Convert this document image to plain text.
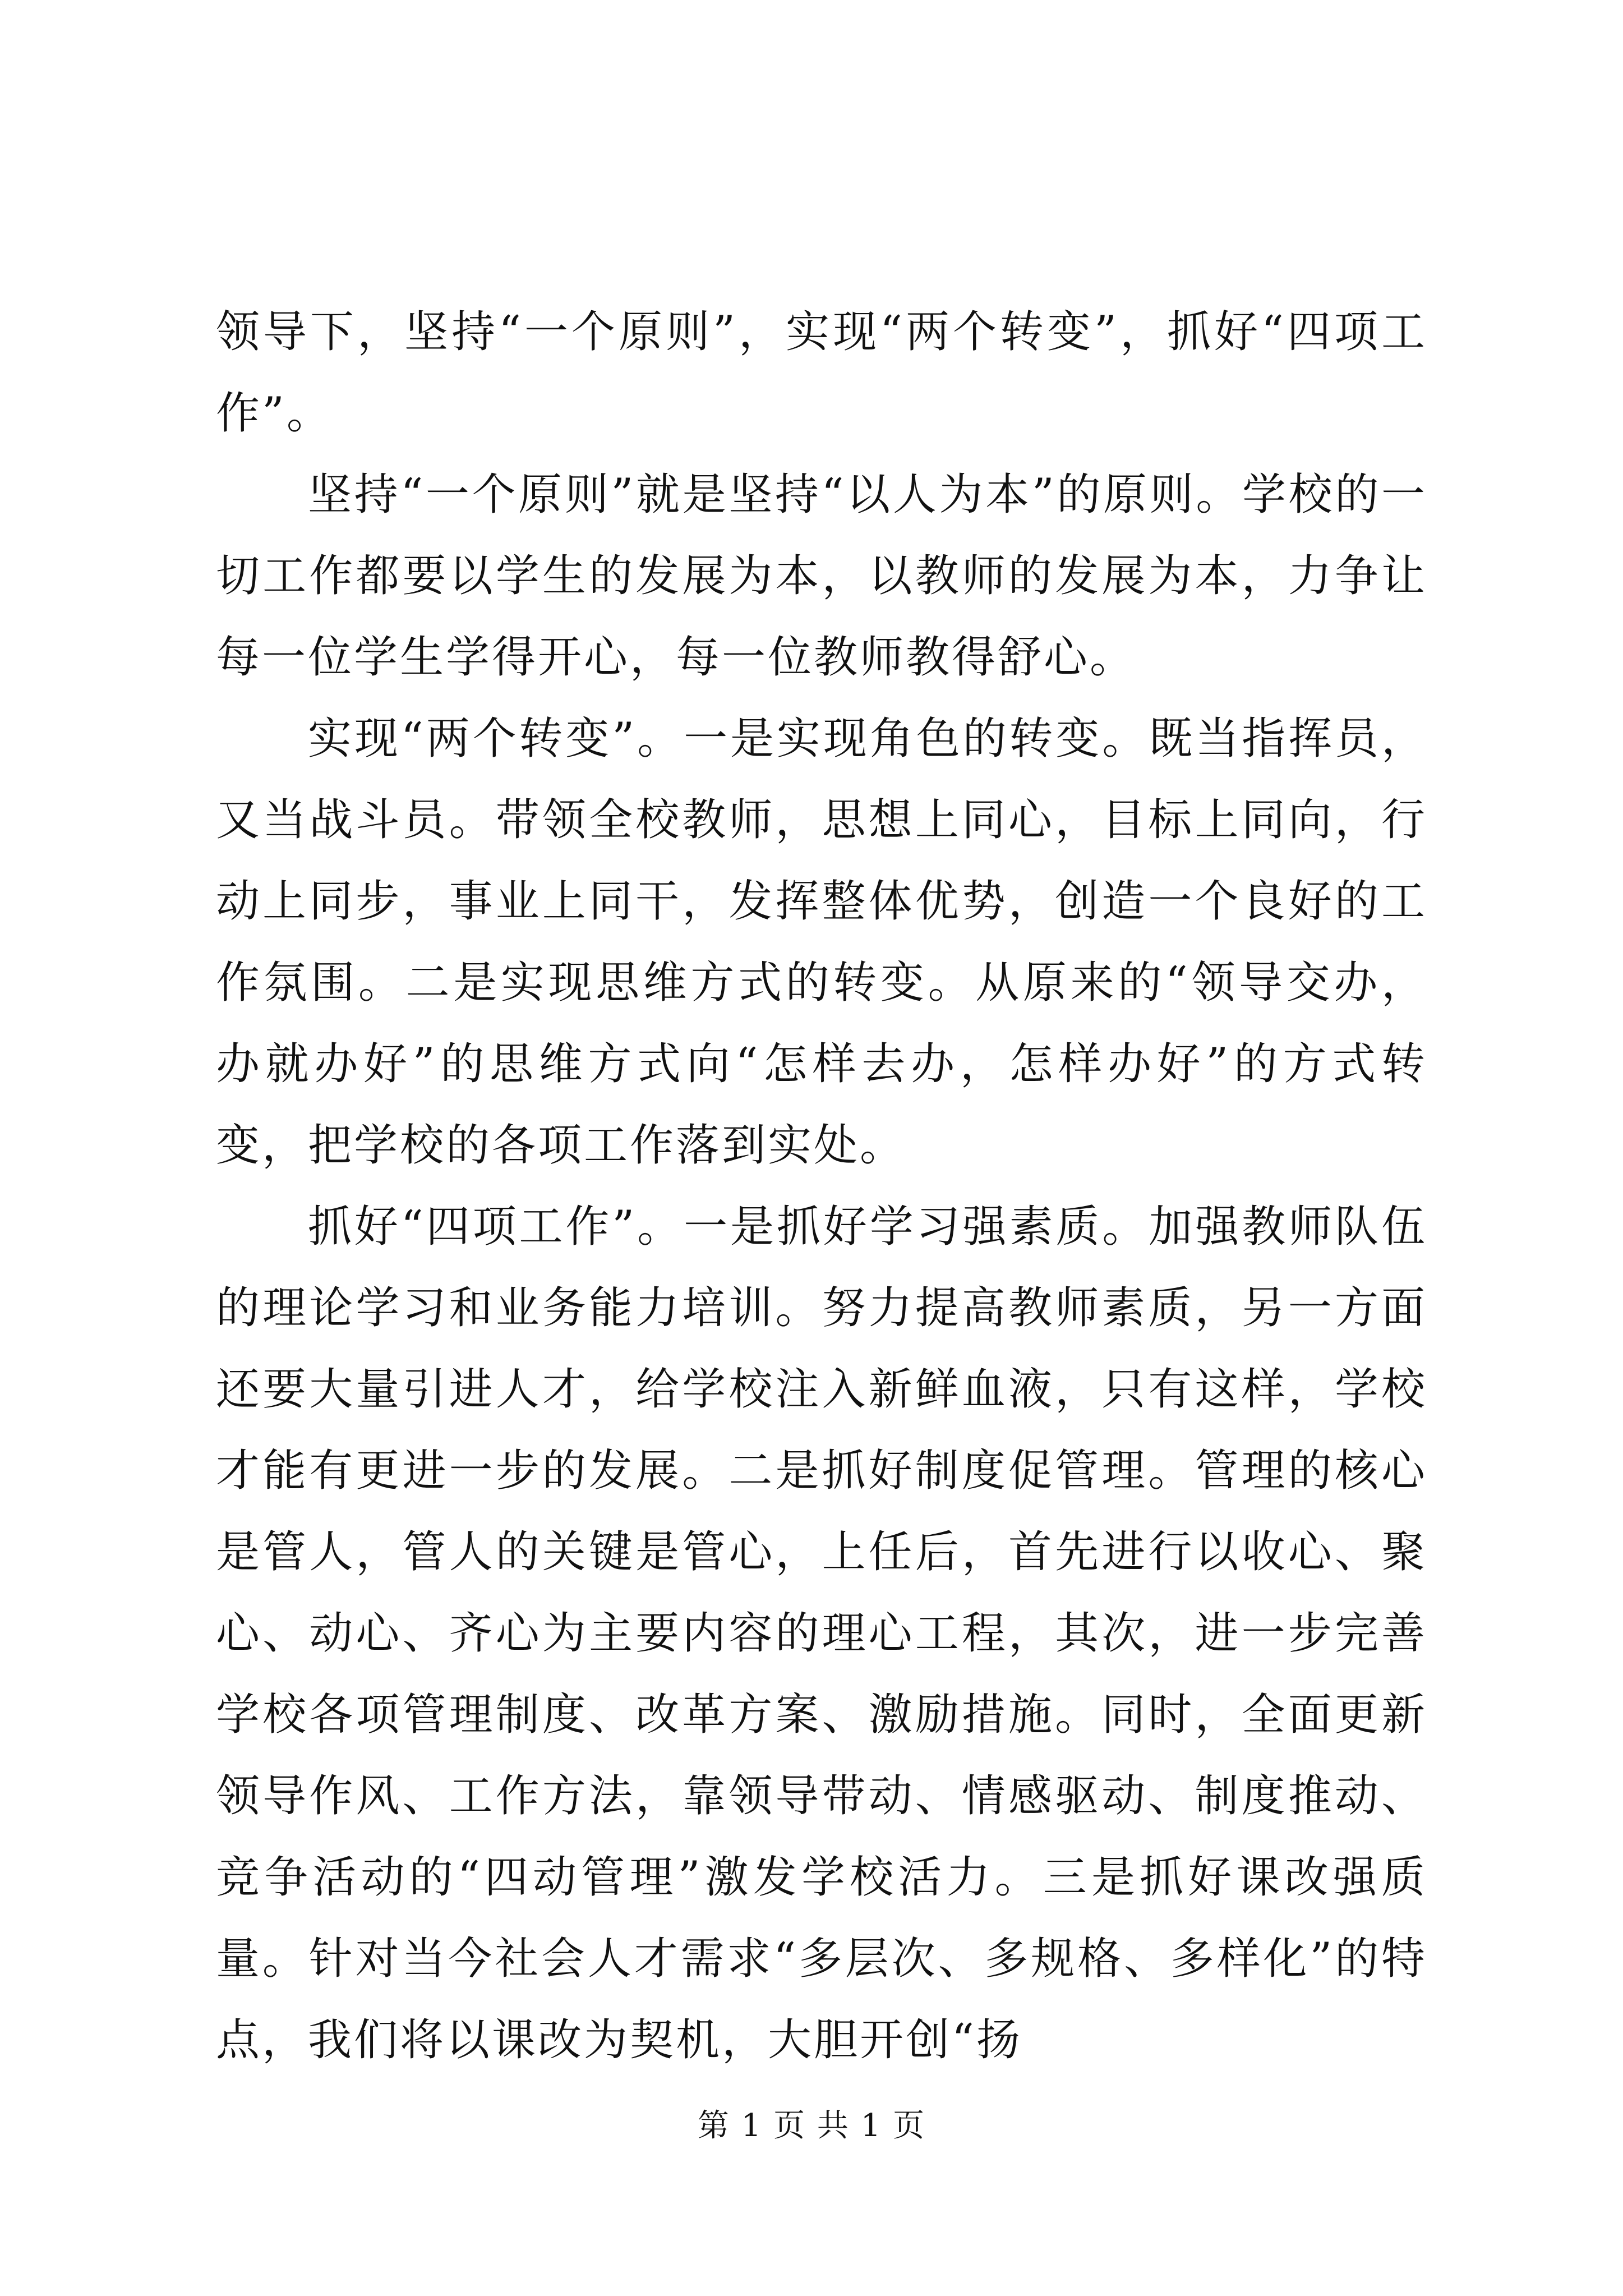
领导下，坚持“一个原则”，实现“两个转变”，抓好“四项工作”。

坚持“一个原则”就是坚持“以人为本”的原则。学校的一切工作都要以学生的发展为本，以教师的发展为本，力争让每一位学生学得开心，每一位教师教得舒心。

实现“两个转变”。一是实现角色的转变。既当指挥员，又当战斗员。带领全校教师，思想上同心，目标上同向，行动上同步，事业上同干，发挥整体优势，创造一个良好的工作氛围。二是实现思维方式的转变。从原来的“领导交办，办就办好”的思维方式向“怎样去办，怎样办好”的方式转变，把学校的各项工作落到实处。

抓好“四项工作”。一是抓好学习强素质。加强教师队伍的理论学习和业务能力培训。努力提高教师素质，另一方面还要大量引进人才，给学校注入新鲜血液，只有这样，学校才能有更进一步的发展。二是抓好制度促管理。管理的核心是管人，管人的关键是管心，上任后，首先进行以收心、聚心、动心、齐心为主要内容的理心工程，其次，进一步完善学校各项管理制度、改革方案、激励措施。同时，全面更新领导作风、工作方法，靠领导带动、情感驱动、制度推动、竞争活动的“四动管理”激发学校活力。三是抓好课改强质量。针对当今社会人才需求“多层次、多规格、多样化”的特点，我们将以课改为契机，大胆开创“扬

第 1 页 共 1 页
